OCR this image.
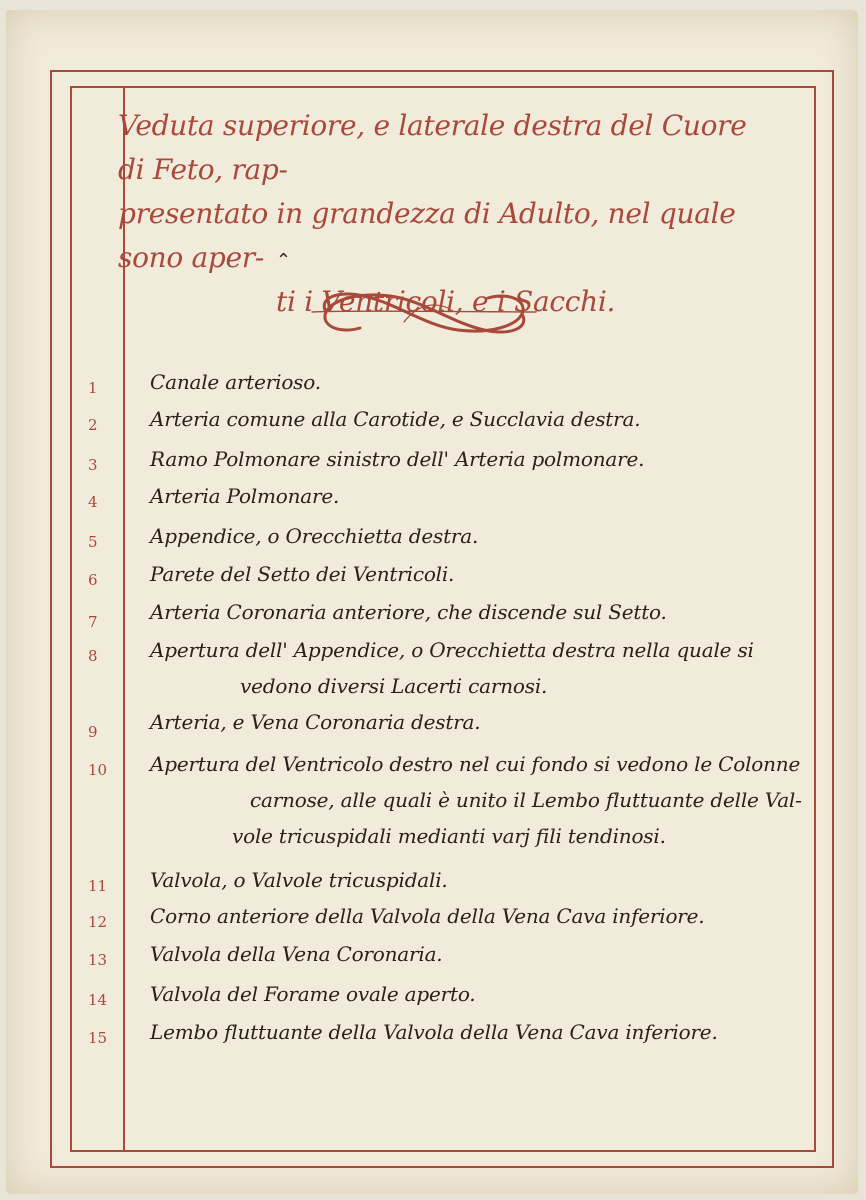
Veduta superiore, e laterale destra del Cuore di Feto, rap-

presentato in grandezza di Adulto, nel quale sono aper-

ti i Ventricoli, e i Sacchi.

⌃
1	Canale arterioso.
2	Arteria comune alla Carotide, e Succlavia destra.
3	Ramo Polmonare sinistro dell' Arteria polmonare.
4	Arteria Polmonare.
5	Appendice, o Orecchietta destra.
6	Parete del Setto dei Ventricoli.
7	Arteria Coronaria anteriore, che discende sul Setto.
8	Apertura dell' Appendice, o Orecchietta destra nella quale si
vedono diversi Lacerti carnosi.
9	Arteria, e Vena Coronaria destra.
10 Apertura del Ventricolo destro nel cui fondo si vedono le Colonne
carnose, alle quali è unito il Lembo fluttuante delle Val-
vole tricuspidali medianti varj fili tendinosi.
11 Valvola, o Valvole tricuspidali.
12 Corno anteriore della Valvola della Vena Cava inferiore.
13 Valvola della Vena Coronaria.
14 Valvola del Forame ovale aperto.
15 Lembo fluttuante della Valvola della Vena Cava inferiore.
